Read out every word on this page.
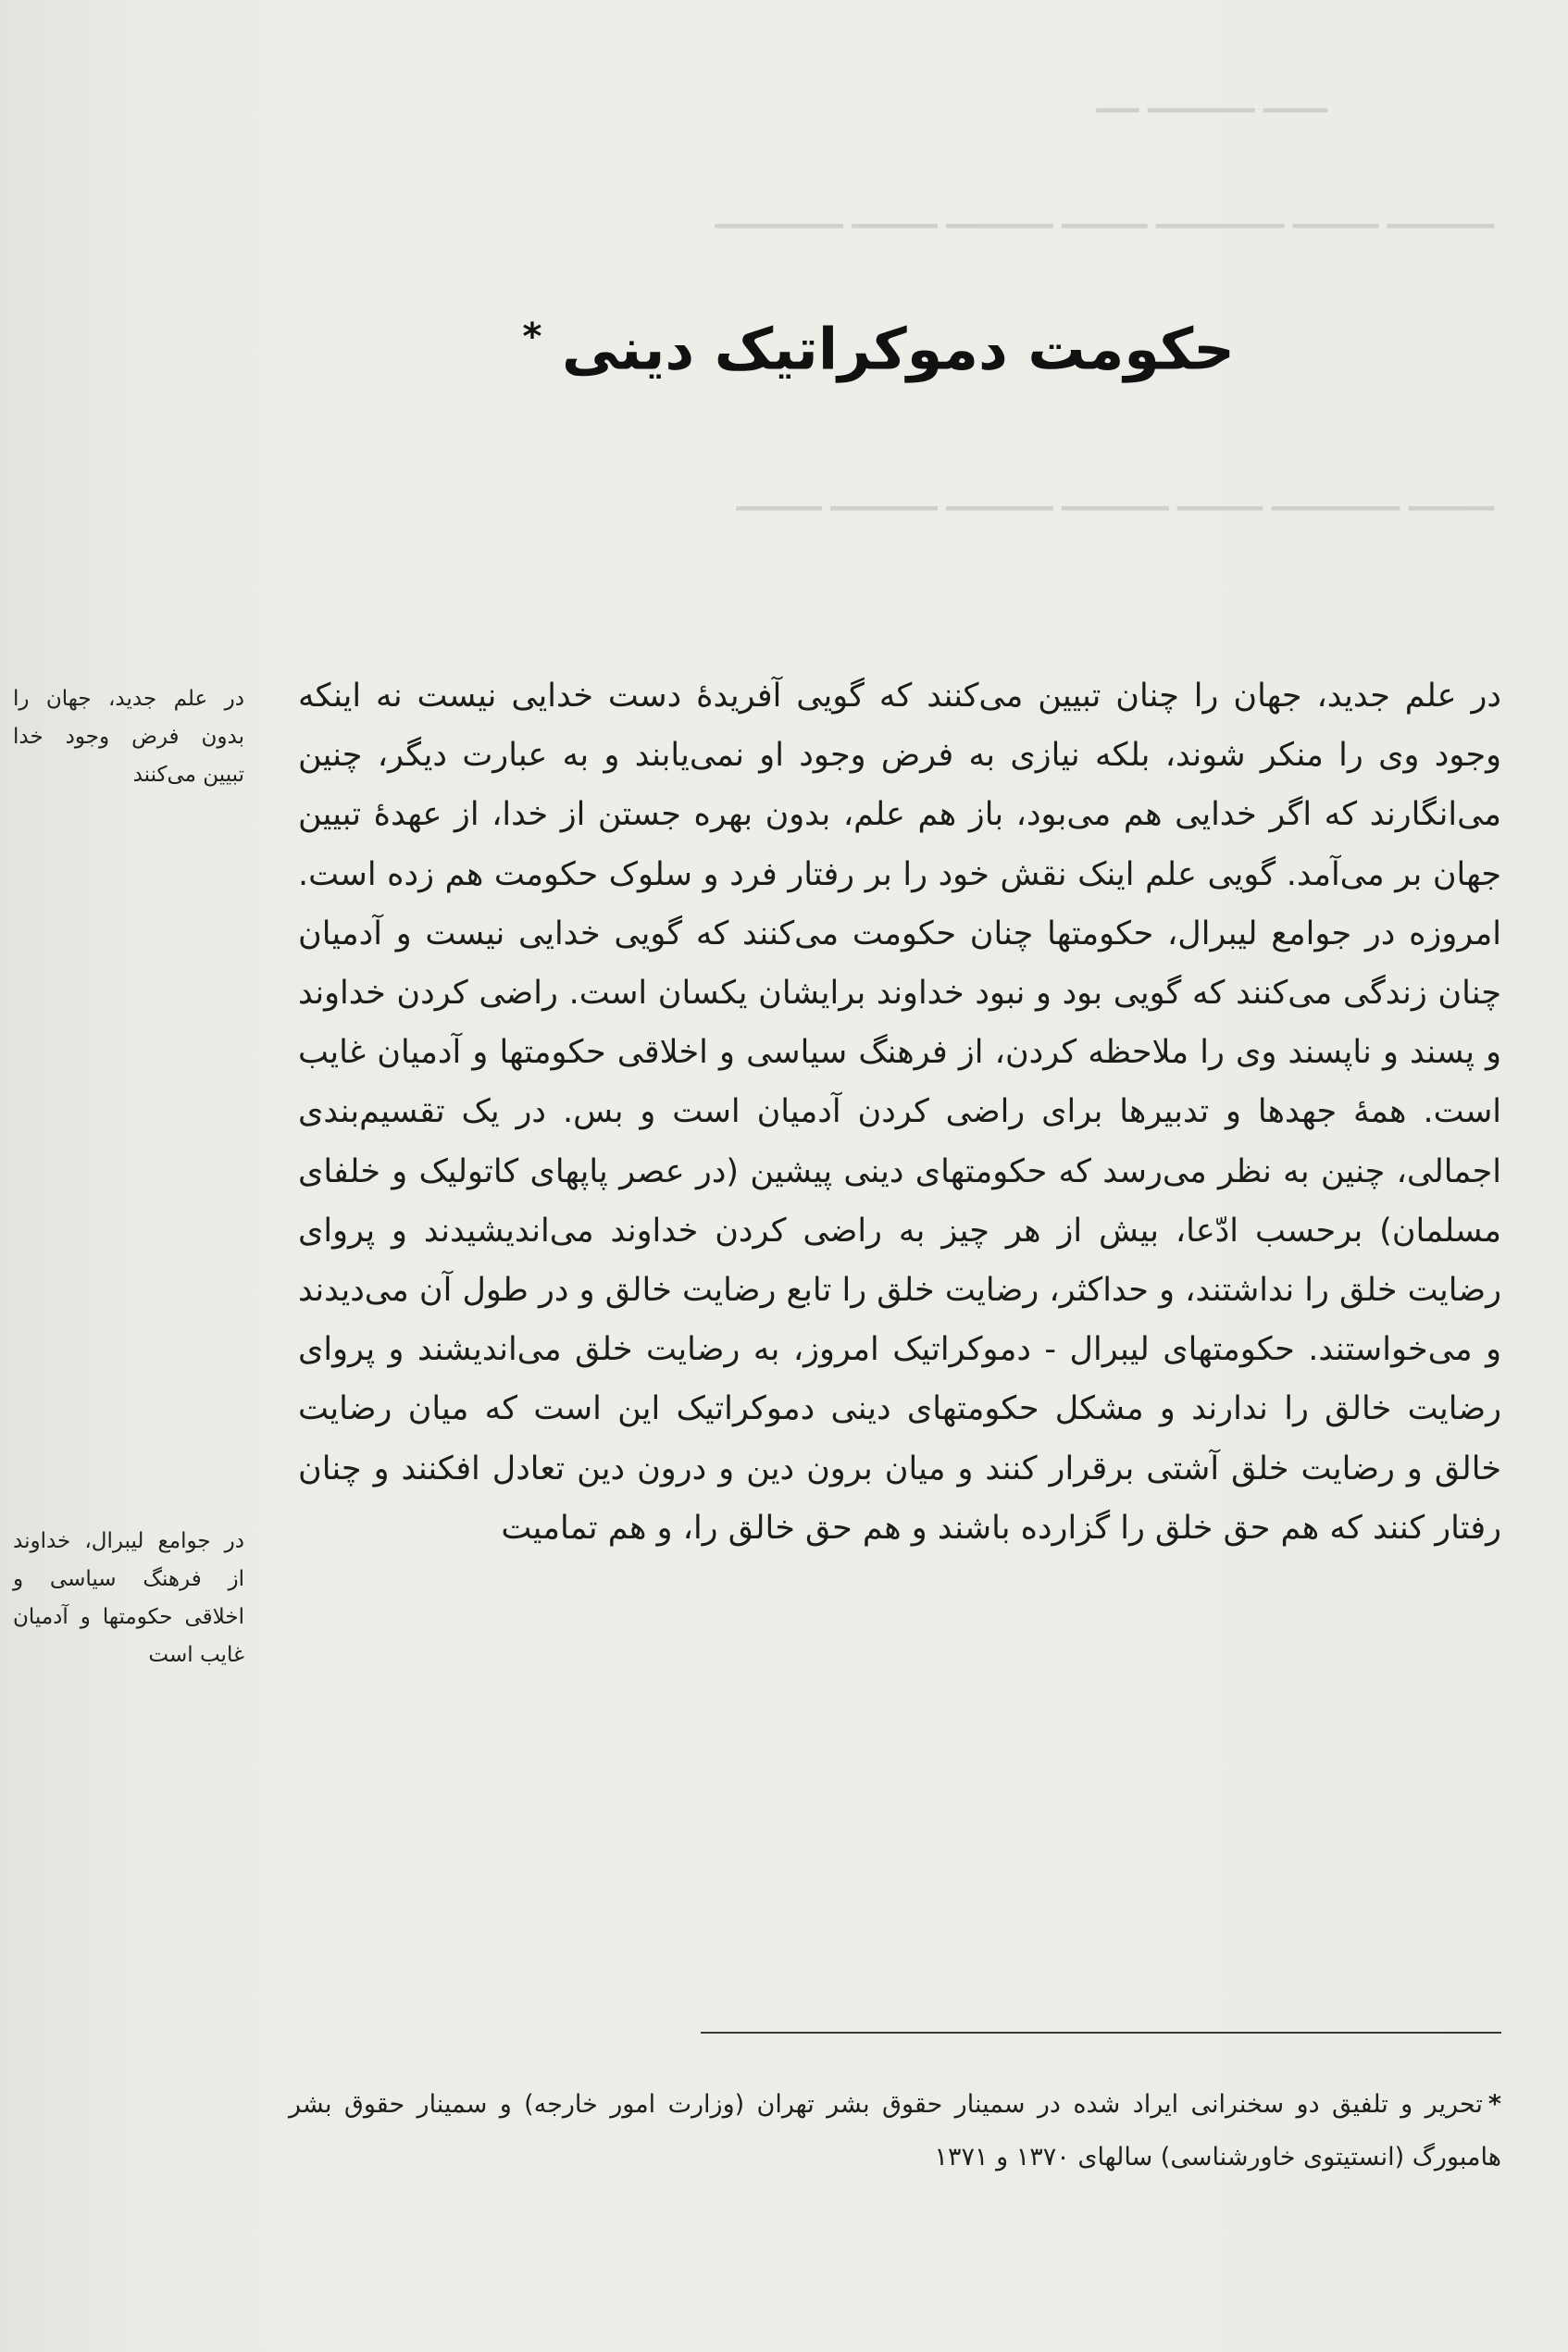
▁▁▁ ▁▁▁▁▁ ▁▁
▁▁▁▁▁ ▁▁▁▁ ▁▁▁▁▁▁ ▁▁▁▁ ▁▁▁▁▁ ▁▁▁▁ ▁▁▁▁▁▁
▁▁▁▁ ▁▁▁▁▁▁ ▁▁▁▁ ▁▁▁▁▁ ▁▁▁▁▁ ▁▁▁▁▁ ▁▁▁▁
حکومت دموکراتیک دینی *
در علم جدید، جهان را بدون فرض وجود خدا تبیین می‌کنند
در جوامع لیبرال، خداوند از فرهنگ سیاسی و اخلاقی حکومتها و آدمیان غایب است

در علم جدید، جهان را چنان تبیین می‌کنند که گویی آفریدهٔ دست خدایی نیست نه اینکه وجود وی را منکر شوند، بلکه نیازی به فرض وجود او نمی‌یابند و به عبارت دیگر، چنین می‌انگارند که اگر خدایی هم می‌بود، باز هم علم، بدون بهره جستن از خدا، از عهدهٔ تبیین جهان بر می‌آمد. گویی علم اینک نقش خود را بر رفتار فرد و سلوک حکومت هم زده است. امروزه در جوامع لیبرال، حکومتها چنان حکومت می‌کنند که گویی خدایی نیست و آدمیان چنان زندگی می‌کنند که گویی بود و نبود خداوند برایشان یکسان است. راضی کردن خداوند و پسند و ناپسند وی را ملاحظه کردن، از فرهنگ سیاسی و اخلاقی حکومتها و آدمیان غایب است. همهٔ جهدها و تدبیرها برای راضی کردن آدمیان است و بس. در یک تقسیم‌بندی اجمالی، چنین به نظر می‌رسد که حکومتهای دینی پیشین (در عصر پاپهای کاتولیک و خلفای مسلمان) برحسب ادّعا، بیش از هر چیز به راضی کردن خداوند می‌اندیشیدند و پروای رضایت خلق را نداشتند، و حداکثر، رضایت خلق را تابع رضایت خالق و در طول آن می‌دیدند و می‌خواستند. حکومتهای لیبرال - دموکراتیک امروز، به رضایت خلق می‌اندیشند و پروای رضایت خالق را ندارند و مشکل حکومتهای دینی دموکراتیک این است که میان رضایت خالق و رضایت خلق آشتی برقرار کنند و میان برون دین و درون دین تعادل افکنند و چنان رفتار کنند که هم حق خلق را گزارده باشند و هم حق خالق را، و هم تمامیت

*تحریر و تلفیق دو سخنرانی ایراد شده در سمینار حقوق بشر تهران (وزارت امور خارجه) و سمینار حقوق بشر هامبورگ (انستیتوی خاورشناسی) سالهای ۱۳۷۰ و ۱۳۷۱
